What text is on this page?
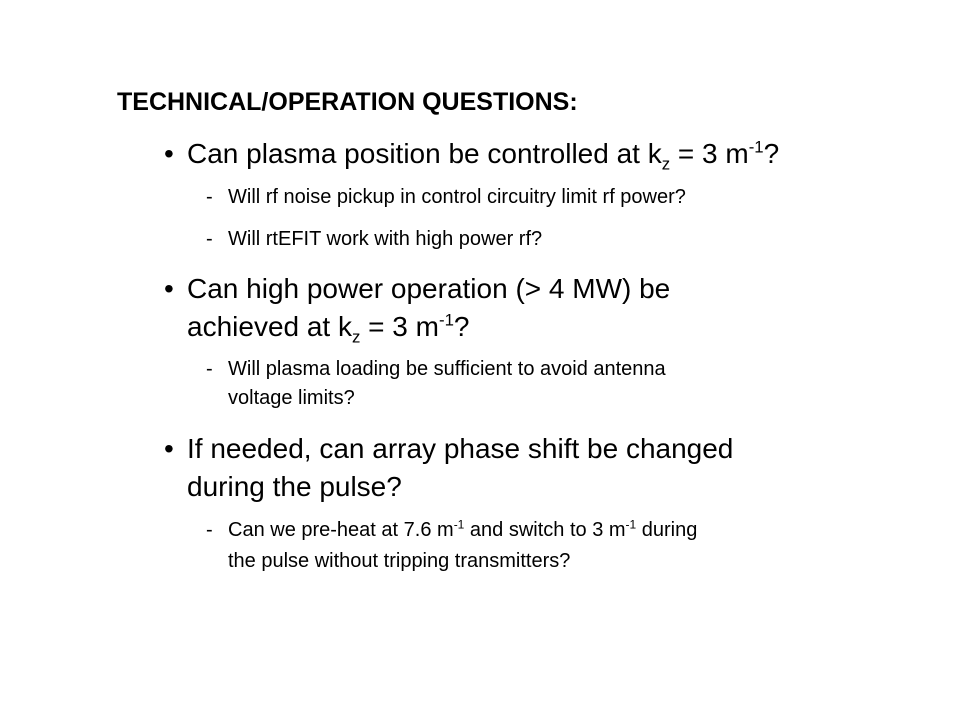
TECHNICAL/OPERATION QUESTIONS:
• Can plasma position be controlled at $k_z = 3$ $m^{-1}$?
- Will rf noise pickup in control circuitry limit rf power?
- Will rtEFIT work with high power rf?
• Can high power operation (> 4 MW) be
achieved at $k_z = 3$ $m^{-1}$?
- Will plasma loading be sufficient to avoid antenna
voltage limits?
• If needed, can array phase shift be changed
during the pulse?
- Can we pre-heat at 7.6 $m^{-1}$ and switch to 3 $m^{-1}$ during
the pulse without tripping transmitters?
